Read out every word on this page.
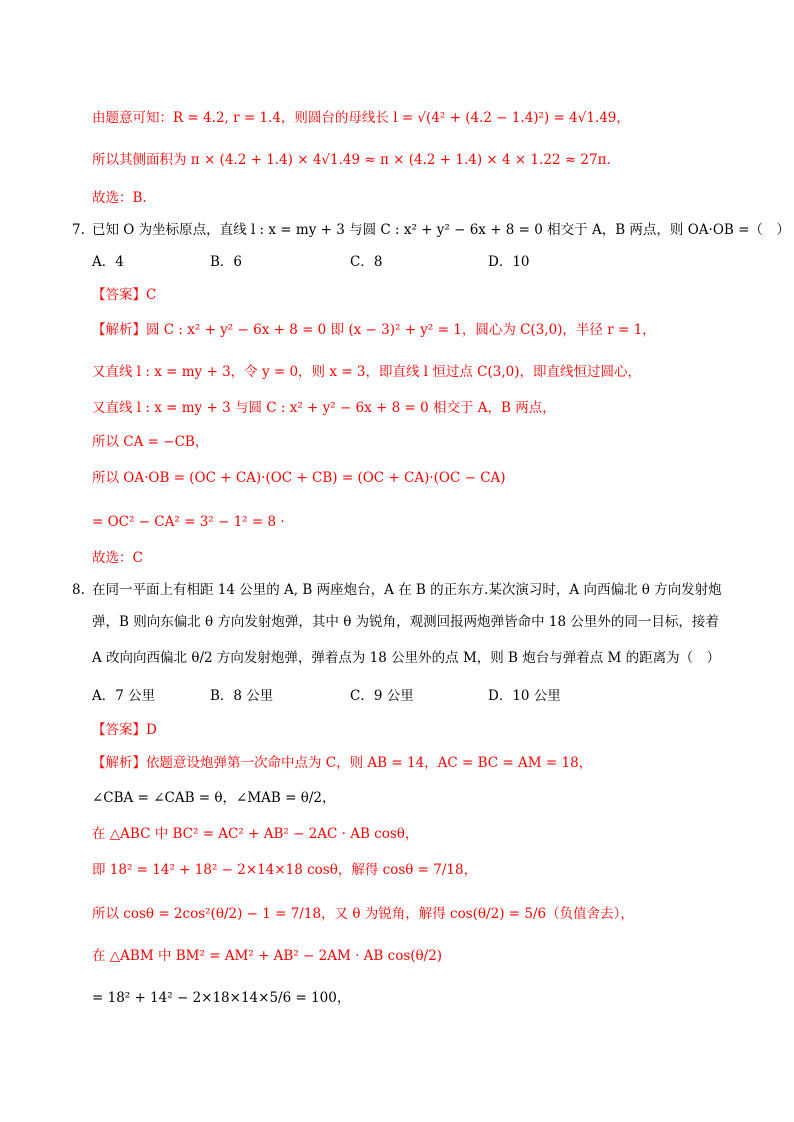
由题意可知：R = 4.2, r = 1.4，则圆台的母线长 l = √(4² + (4.2 − 1.4)²) = 4√1.49，
所以其侧面积为 π × (4.2 + 1.4) × 4√1.49 ≈ π × (4.2 + 1.4) × 4 × 1.22 ≈ 27π.
故选：B.
7. 已知 O 为坐标原点，直线 l : x = my + 3 与圆 C : x² + y² − 6x + 8 = 0 相交于 A，B 两点，则 OA·OB =（　）
A．4	B．6	C．8	D．10
【答案】C
【解析】圆 C : x² + y² − 6x + 8 = 0 即 (x − 3)² + y² = 1，圆心为 C(3,0)，半径 r = 1，
又直线 l : x = my + 3，令 y = 0，则 x = 3，即直线 l 恒过点 C(3,0)，即直线恒过圆心，
又直线 l : x = my + 3 与圆 C : x² + y² − 6x + 8 = 0 相交于 A，B 两点，
所以 CA = −CB，
所以 OA·OB = (OC + CA)·(OC + CB) = (OC + CA)·(OC − CA)
= OC² − CA² = 3² − 1² = 8 ·
故选：C
8. 在同一平面上有相距 14 公里的 A, B 两座炮台，A 在 B 的正东方.某次演习时，A 向西偏北 θ 方向发射炮
弹，B 则向东偏北 θ 方向发射炮弹，其中 θ 为锐角，观测回报两炮弹皆命中 18 公里外的同一目标，接着
A 改向向西偏北 θ/2 方向发射炮弹，弹着点为 18 公里外的点 M，则 B 炮台与弹着点 M 的距离为（　）
A．7 公里	B．8 公里	C．9 公里	D．10 公里
【答案】D
【解析】依题意设炮弹第一次命中点为 C，则 AB = 14，AC = BC = AM = 18，
∠CBA = ∠CAB = θ，∠MAB = θ/2，
在 △ABC 中 BC² = AC² + AB² − 2AC · AB cosθ，
即 18² = 14² + 18² − 2×14×18 cosθ，解得 cosθ = 7/18，
所以 cosθ = 2cos²(θ/2) − 1 = 7/18，又 θ 为锐角，解得 cos(θ/2) = 5/6（负值舍去），
在 △ABM 中 BM² = AM² + AB² − 2AM · AB cos(θ/2)
= 18² + 14² − 2×18×14×5/6 = 100，
